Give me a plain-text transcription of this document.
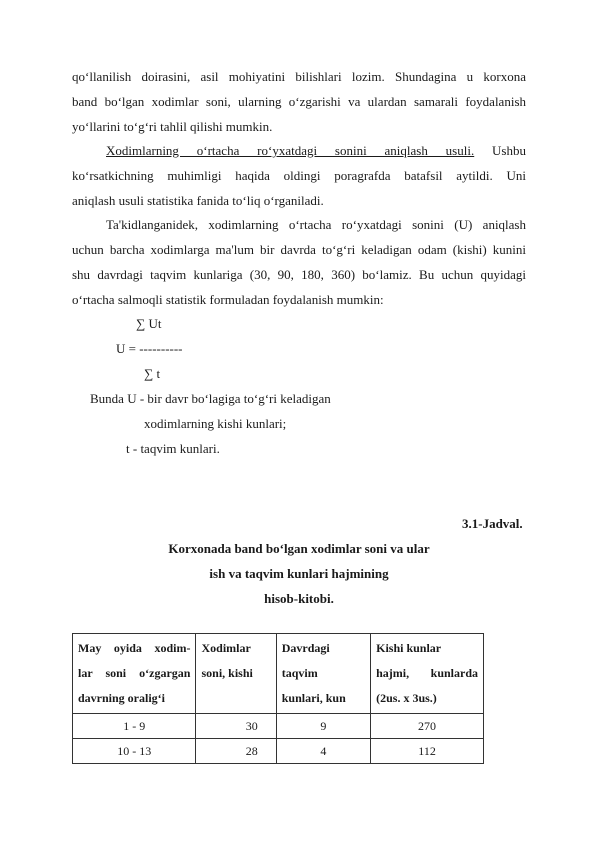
qo‘llanilish doirasini, asil mohiyatini bilishlari lozim. Shundagina u korxona
band bo‘lgan xodimlar soni, ularning o‘zgarishi va ulardan samarali foydalanish
yo‘llarini to‘g‘ri tahlil qilishi mumkin.

Xodimlarning o‘rtacha ro‘yxatdagi sonini aniqlash usuli. Ushbu
ko‘rsatkichning muhimligi haqida oldingi poragrafda batafsil aytildi. Uni
aniqlash usuli statistika fanida to‘liq o‘rganiladi.

Ta'kidlanganidek, xodimlarning o‘rtacha ro‘yxatdagi sonini (U) aniqlash
uchun barcha xodimlarga ma'lum bir davrda to‘g‘ri keladigan odam (kishi) kunini
shu davrdagi taqvim kunlariga (30, 90, 180, 360) bo‘lamiz. Bu uchun quyidagi
o‘rtacha salmoqli statistik formuladan foydalanish mumkin:

∑ Ut
U = ----------
∑ t
Bunda U - bir davr bo‘lagiga to‘g‘ri keladigan
xodimlarning kishi kunlari;
t - taqvim kunlari.
3.1-Jadval.
Korxonada band bo‘lgan xodimlar soni va ular
ish va taqvim kunlari hajmining
hisob-kitobi.
May oyida xodim-
lar soni o‘zgargan
davrning oralig‘i	Xodimlar
soni, kishi	Davrdagi
taqvim
kunlari, kun	Kishi kunlar
hajmi, kunlarda
(2us. x 3us.)

1 - 9	30	9	270
10 - 13	28	4	112
